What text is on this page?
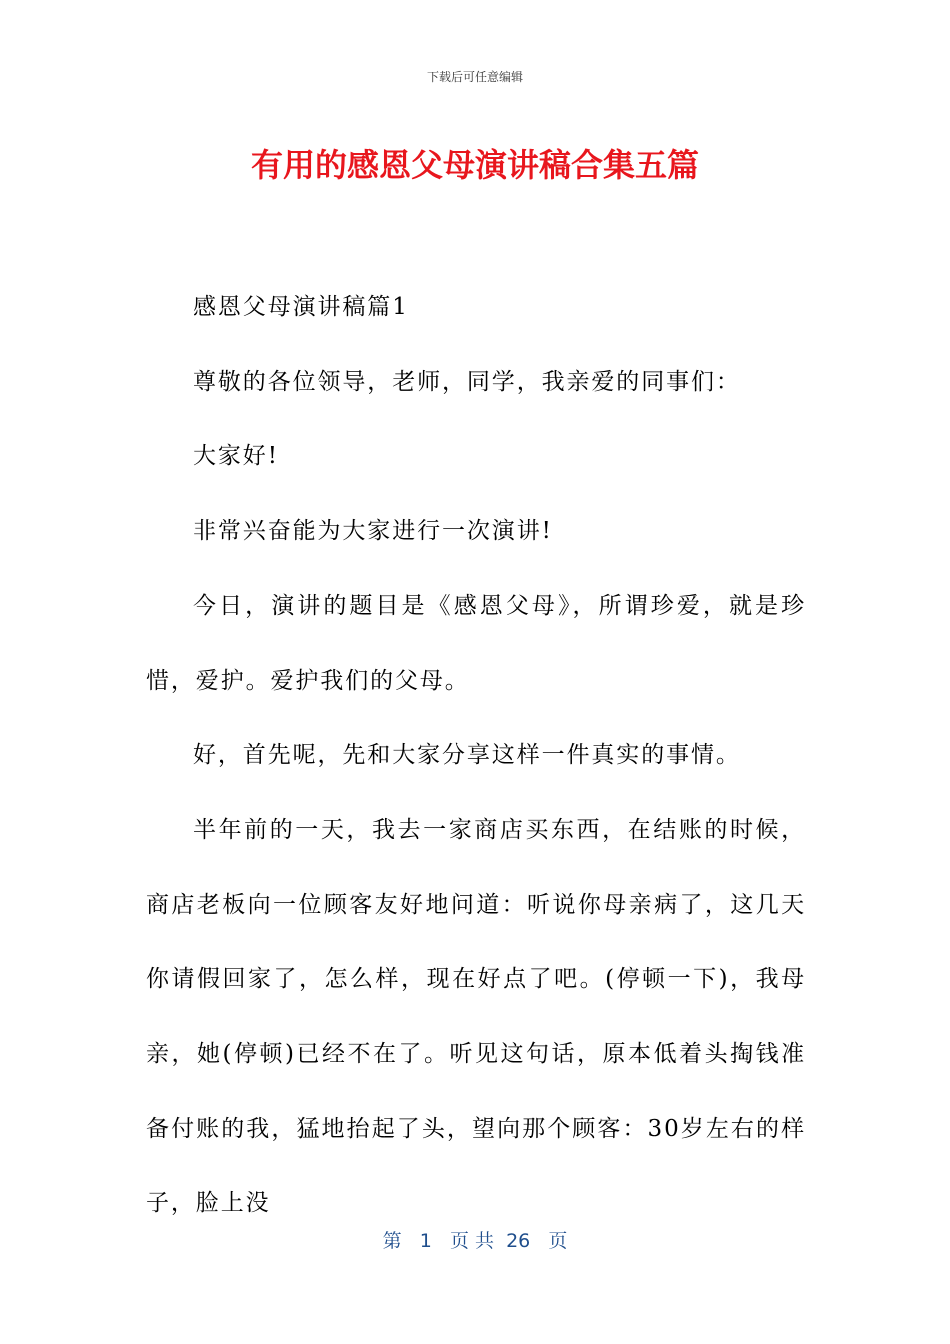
下载后可任意编辑
有用的感恩父母演讲稿合集五篇

感恩父母演讲稿篇1

尊敬的各位领导，老师，同学，我亲爱的同事们：

大家好!

非常兴奋能为大家进行一次演讲!

今日，演讲的题目是《感恩父母》，所谓珍爱，就是珍惜，爱护。爱护我们的父母。

好，首先呢，先和大家分享这样一件真实的事情。

半年前的一天，我去一家商店买东西，在结账的时候，商店老板向一位顾客友好地问道：听说你母亲病了，这几天你请假回家了，怎么样，现在好点了吧。(停顿一下)，我母亲，她(停顿)已经不在了。听见这句话，原本低着头掏钱准备付账的我，猛地抬起了头，望向那个顾客：30岁左右的样子，脸上没

第 1 页 共 26 页
